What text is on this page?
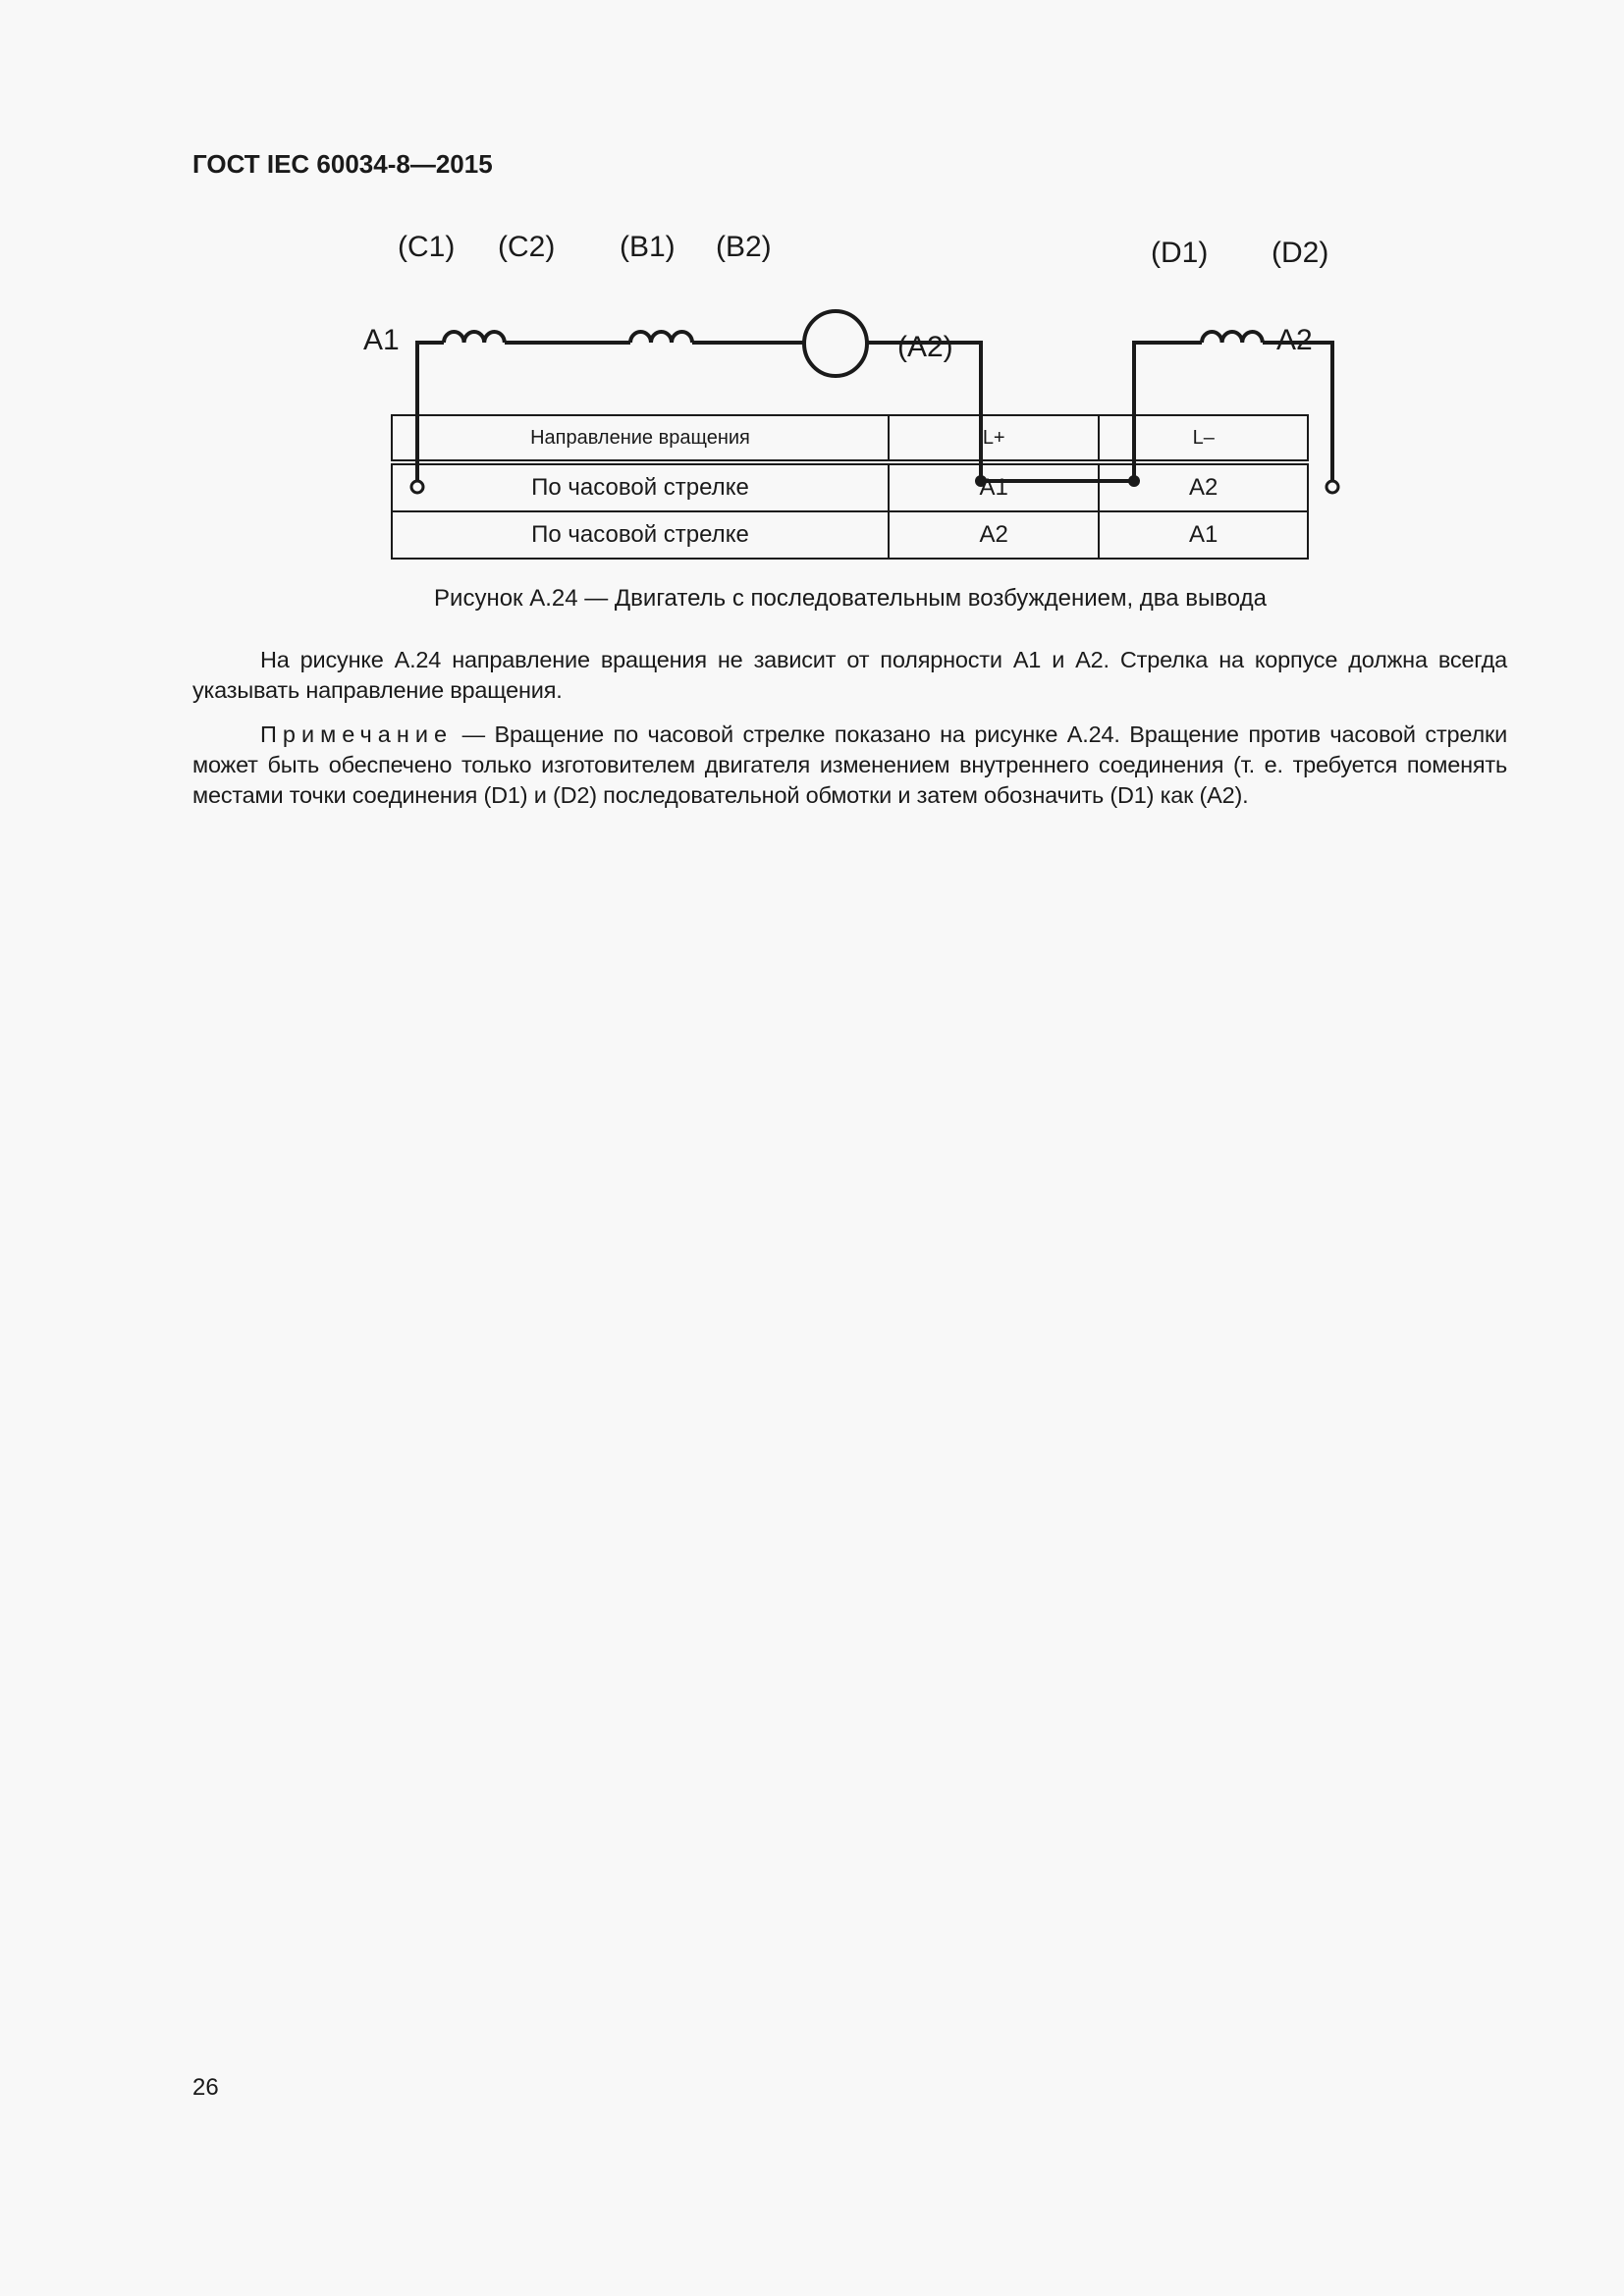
ГОСТ IEC 60034-8—2015
(C1) (C2) (B1) (B2)	(D1) (D2)
A1	(A2)	A2
Направление вращения	L+	L–
По часовой стрелке	A1	A2
По часовой стрелке	A2	A1
Рисунок А.24 — Двигатель с последовательным возбуждением, два вывода
На рисунке А.24 направление вращения не зависит от полярности А1 и А2. Стрелка на корпусе должна всегда указывать направление вращения.
Примечание — Вращение по часовой стрелке показано на рисунке А.24. Вращение против часовой стрелки может быть обеспечено только изготовителем двигателя изменением внутреннего соединения (т. е. требуется поменять местами точки соединения (D1) и (D2) последовательной обмотки и затем обозначить (D1) как (A2).
26
